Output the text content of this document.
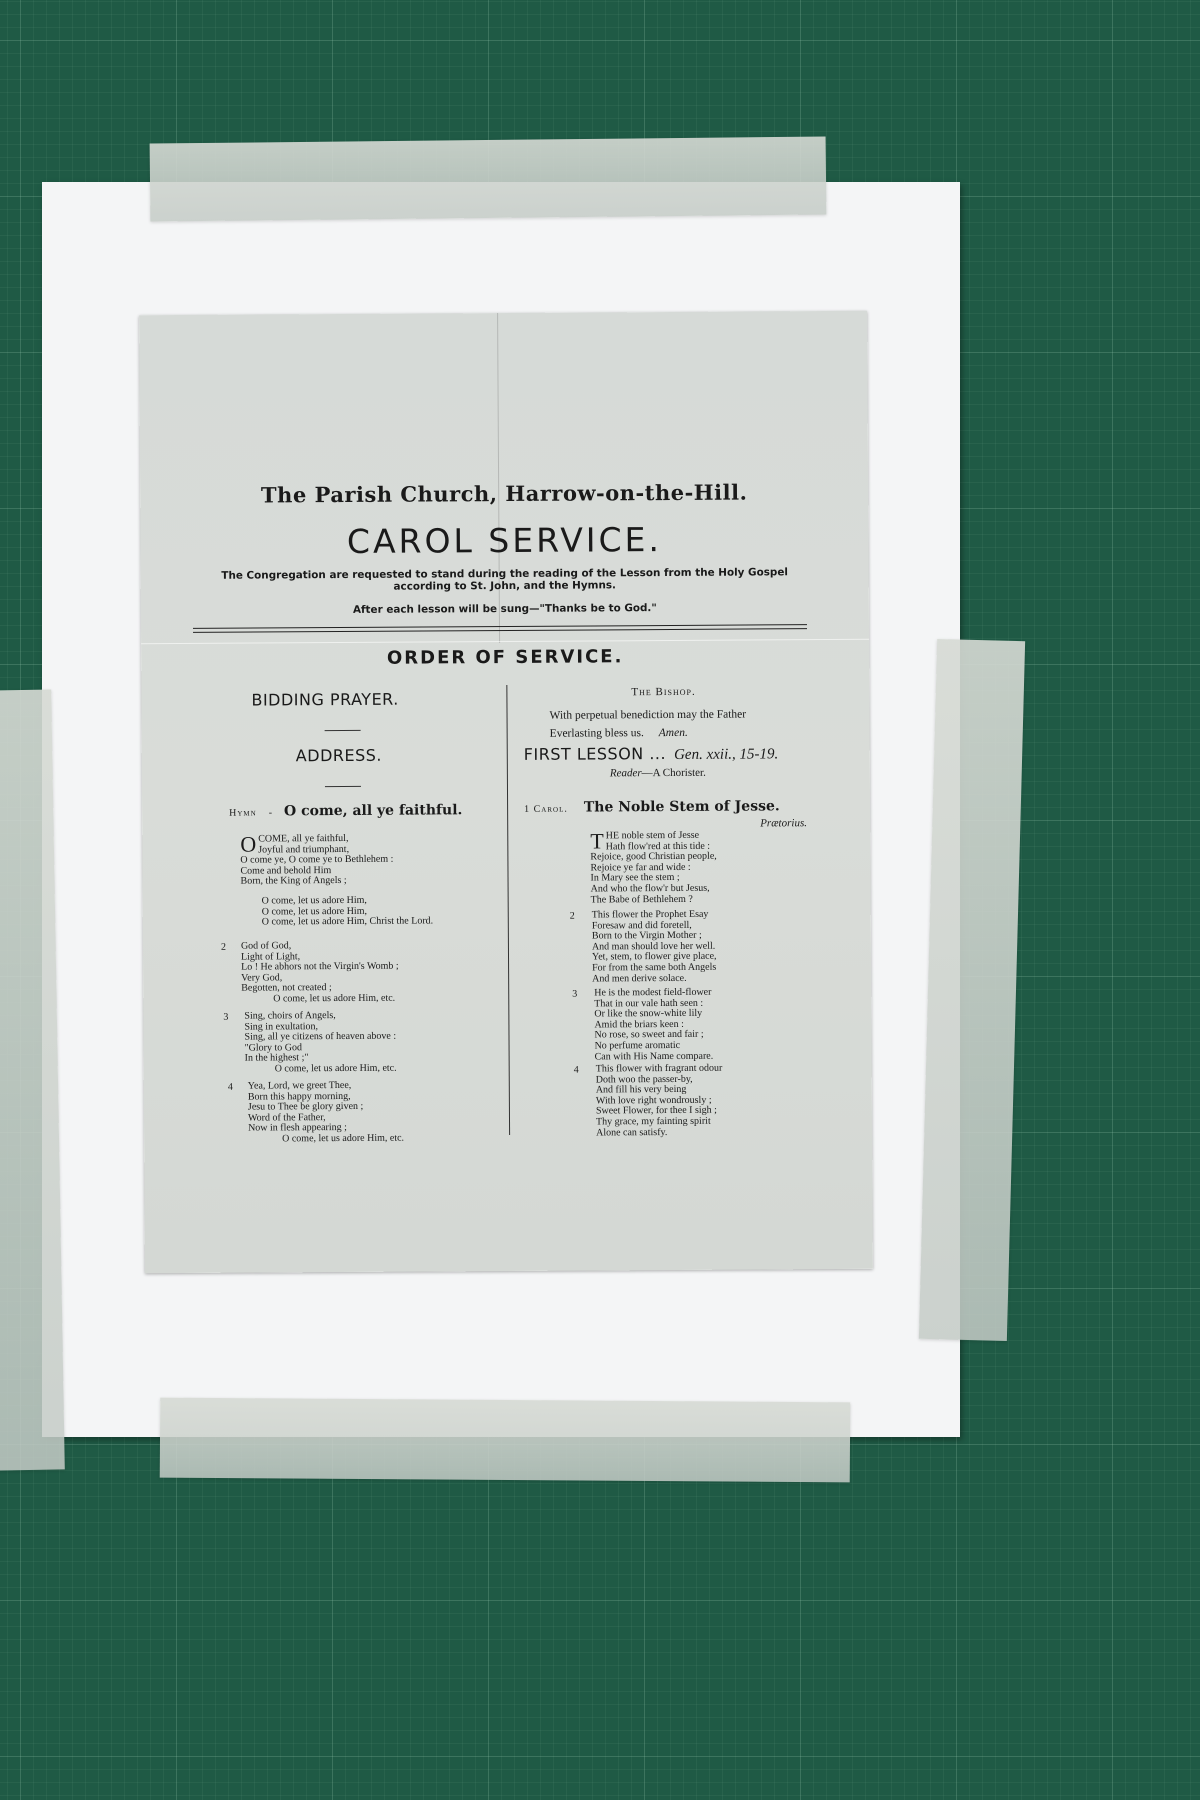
The Parish Church, Harrow-on-the-Hill.
CAROL SERVICE.
The Congregation are requested to stand during the reading of the Lesson from the Holy Gospel according to St. John, and the Hymns.
After each lesson will be sung—"Thanks be to God."
ORDER OF SERVICE.
BIDDING PRAYER.
ADDRESS.
Hymn - O come, all ye faithful.
O COME, all ye faithful,
Joyful and triumphant,
O come ye, O come ye to Bethlehem :
Come and behold Him
Born, the King of Angels ;
O come, let us adore Him,
O come, let us adore Him,
O come, let us adore Him, Christ the Lord.
2 God of God,
Light of Light,
Lo ! He abhors not the Virgin's Womb ;
Very God,
Begotten, not created ;
O come, let us adore Him, etc.
3 Sing, choirs of Angels,
Sing in exultation,
Sing, all ye citizens of heaven above :
"Glory to God
In the highest ;"
O come, let us adore Him, etc.
4 Yea, Lord, we greet Thee,
Born this happy morning,
Jesu to Thee be glory given ;
Word of the Father,
Now in flesh appearing ;
O come, let us adore Him, etc.
The Bishop.
With perpetual benediction may the Father
Everlasting bless us. Amen.
FIRST LESSON ... Gen. xxii., 15-19.
Reader—A Chorister.
1 Carol. The Noble Stem of Jesse.
Prætorius.
T HE noble stem of Jesse
Hath flow'red at this tide :
Rejoice, good Christian people,
Rejoice ye far and wide :
In Mary see the stem ;
And who the flow'r but Jesus,
The Babe of Bethlehem ?
2 This flower the Prophet Esay
Foresaw and did foretell,
Born to the Virgin Mother ;
And man should love her well.
Yet, stem, to flower give place,
For from the same both Angels
And men derive solace.
3 He is the modest field-flower
That in our vale hath seen :
Or like the snow-white lily
Amid the briars keen :
No rose, so sweet and fair ;
No perfume aromatic
Can with His Name compare.
4 This flower with fragrant odour
Doth woo the passer-by,
And fill his very being
With love right wondrously ;
Sweet Flower, for thee I sigh ;
Thy grace, my fainting spirit
Alone can satisfy.
